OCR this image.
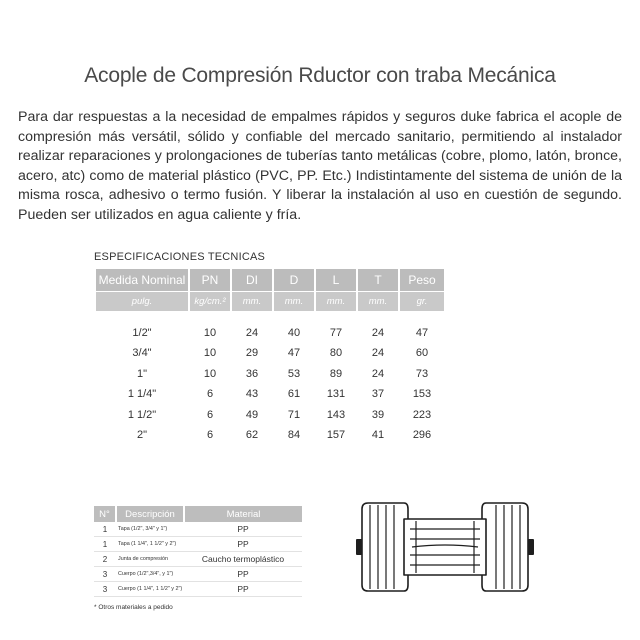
Acople de Compresión Rductor con traba Mecánica

Para dar respuestas a la necesidad de empalmes rápidos y seguros duke fabrica el acople de compresión más versátil, sólido y confiable del mercado sanitario, permitiendo al instalador realizar reparaciones y prolongaciones de tuberías tanto metálicas (cobre, plomo, latón, bronce, acero, atc) como de material plástico (PVC, PP. Etc.) Indistintamente del sistema de unión de la misma rosca, adhesivo o termo fusión. Y liberar la instalación al uso en cuestión de segundo. Pueden ser utilizados en agua caliente y fría.

ESPECIFICACIONES TECNICAS
Medida Nominal	PN	DI	D	L	T	Peso
pulg.	kg/cm.²	mm.	mm.	mm.	mm.	gr.

1/2"	10	24	40	77	24	47
3/4"	10	29	47	80	24	60
1"	10	36	53	89	24	73
1 1/4"	6	43	61	131	37	153
1 1/2"	6	49	71	143	39	223
2"	6	62	84	157	41	296
N°	Descripción	Material
1	Tapa (1/2", 3/4" y 1")	PP
1	Tapa (1 1/4", 1 1/2" y 2")	PP
2	Junta de compresión	Caucho termoplástico
3	Cuerpo (1/2",3/4", y 1")	PP
3	Cuerpo (1 1/4", 1 1/2" y 2")	PP
* Otros materiales a pedido
